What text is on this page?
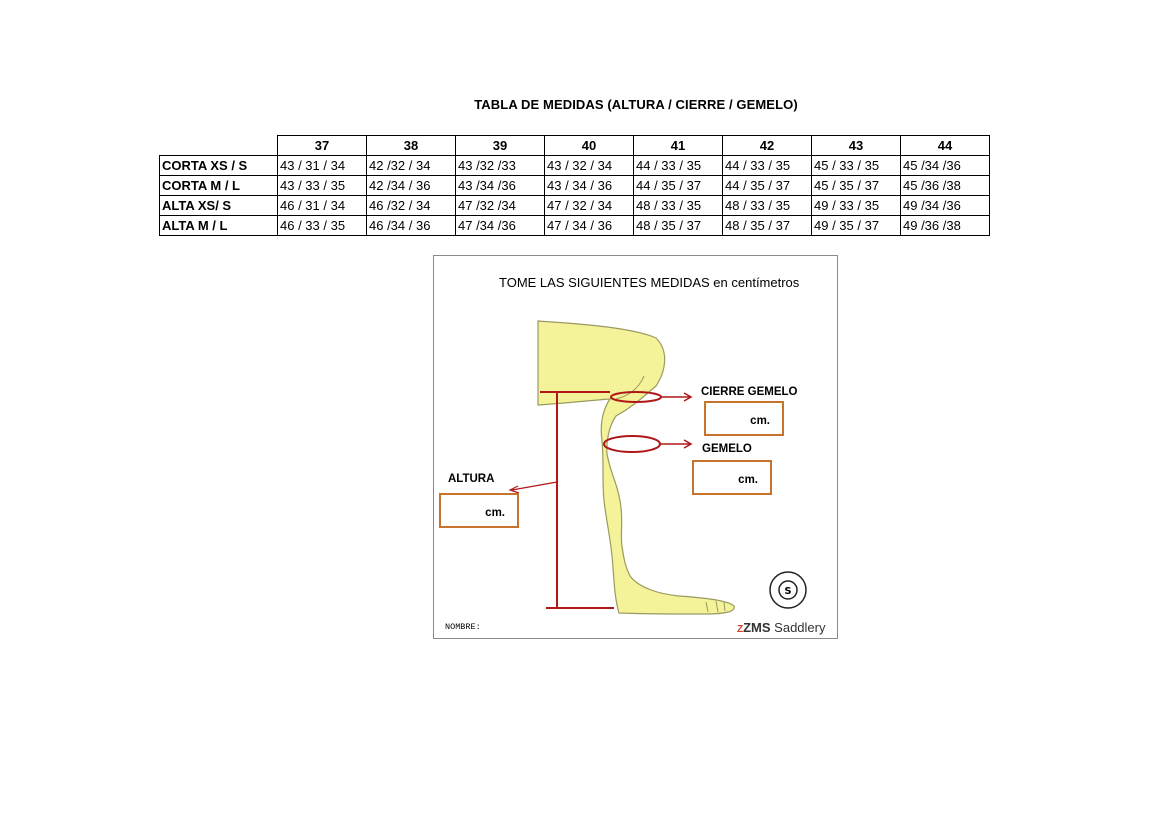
TABLA DE MEDIDAS (ALTURA / CIERRE / GEMELO)
	37	38	39	40	41	42	43	44
CORTA XS / S	43 / 31 / 34	42 /32 / 34	43 /32 /33	43 / 32 / 34	44 / 33 / 35	44 / 33 / 35	45 / 33 / 35	45 /34 /36
CORTA M / L	43 / 33 / 35	42 /34 / 36	43 /34 /36	43 / 34 / 36	44 / 35 / 37	44 / 35 / 37	45 / 35 / 37	45 /36 /38
ALTA XS/ S	46 / 31 / 34	46 /32 / 34	47 /32 /34	47 / 32 / 34	48 / 33 / 35	48 / 33 / 35	49 / 33 / 35	49 /34 /36
ALTA M / L	46 / 33 / 35	46 /34 / 36	47 /34 /36	47 / 34 / 36	48 / 35 / 37	48 / 35 / 37	49 / 35 / 37	49 /36 /38
S
TOME LAS SIGUIENTES MEDIDAS en centímetros
CIERRE GEMELO
cm.
GEMELO
cm.
ALTURA
cm.
NOMBRE:	ZZMS Saddlery
